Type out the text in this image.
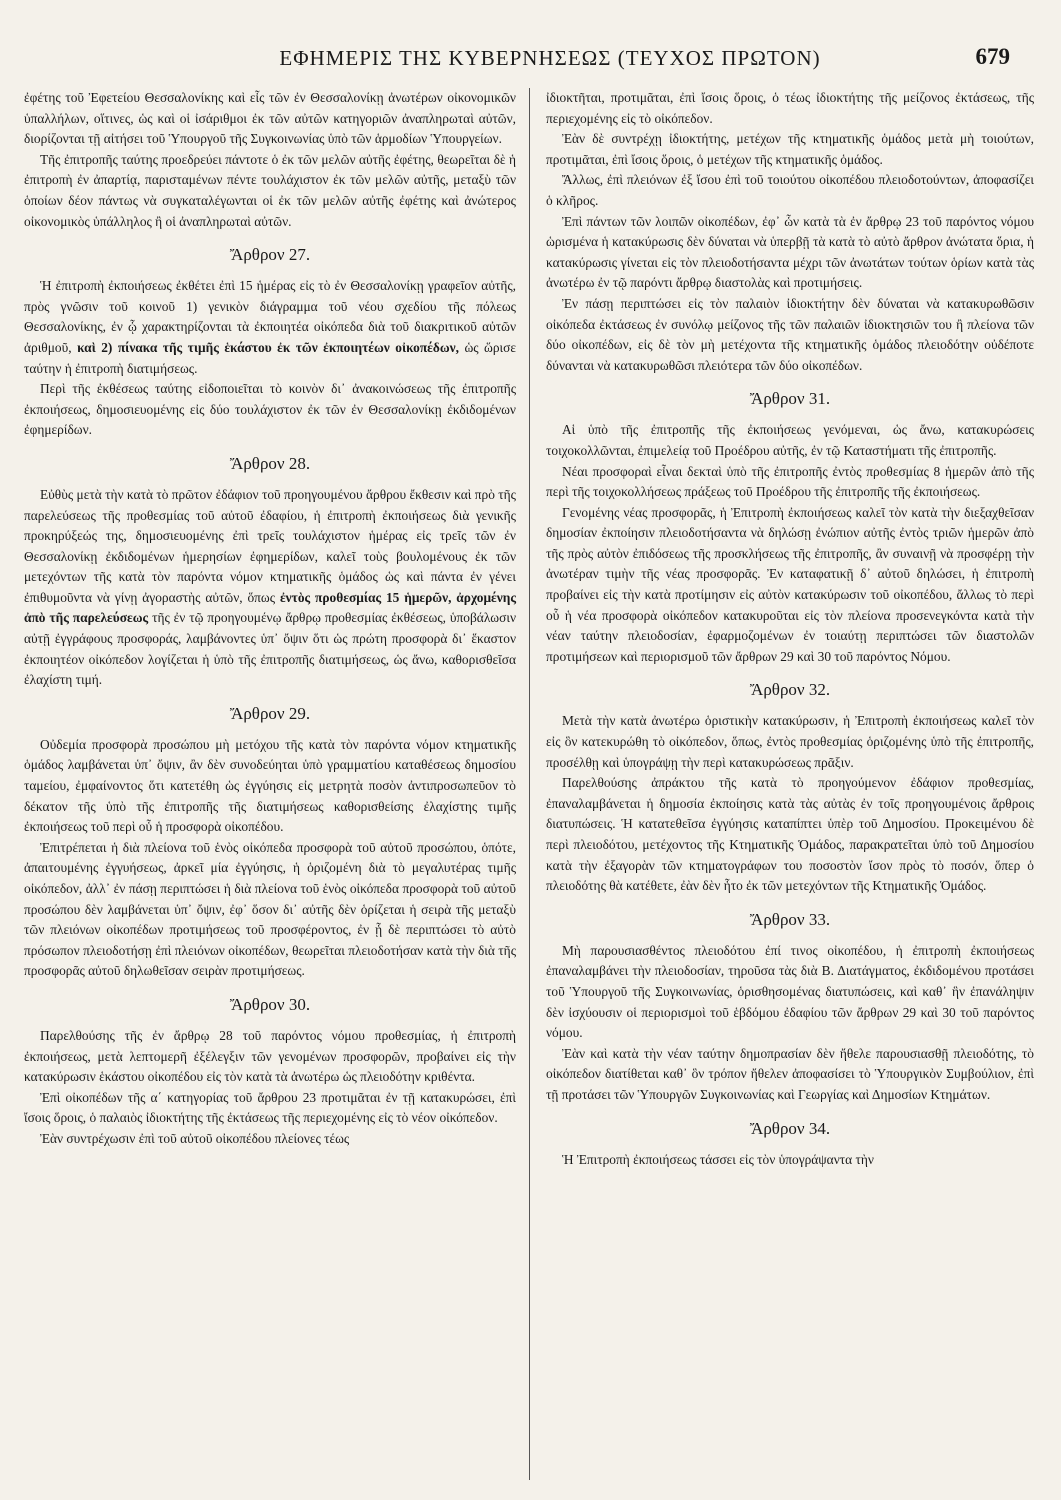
ΕΦΗΜΕΡΙΣ ΤΗΣ ΚΥΒΕΡΝΗΣΕΩΣ (ΤΕΥΧΟΣ ΠΡΩΤΟΝ)	679

ἐφέτης τοῦ Ἐφετείου Θεσσαλονίκης καὶ εἷς τῶν ἐν Θεσσαλονίκῃ ἀνωτέρων οἰκονομικῶν ὑπαλλήλων, οἵτινες, ὡς καὶ οἱ ἰσάριθμοι ἐκ τῶν αὐτῶν κατηγοριῶν ἀναπληρωταὶ αὐτῶν, διορίζονται τῇ αἰτήσει τοῦ Ὑπουργοῦ τῆς Συγκοινωνίας ὑπὸ τῶν ἁρμοδίων Ὑπουργείων.

Τῆς ἐπιτροπῆς ταύτης προεδρεύει πάντοτε ὁ ἐκ τῶν μελῶν αὐτῆς ἐφέτης, θεωρεῖται δὲ ἡ ἐπιτροπὴ ἐν ἀπαρτίᾳ, παρισταμένων πέντε τουλάχιστον ἐκ τῶν μελῶν αὐτῆς, μεταξὺ τῶν ὁποίων δέον πάντως νὰ συγκαταλέγωνται οἱ ἐκ τῶν μελῶν αὐτῆς ἐφέτης καὶ ἀνώτερος οἰκονομικὸς ὑπάλληλος ἢ οἱ ἀναπληρωταὶ αὐτῶν.

Ἄρθρον 27.

Ἡ ἐπιτροπὴ ἐκποιήσεως ἐκθέτει ἐπὶ 15 ἡμέρας εἰς τὸ ἐν Θεσσαλονίκῃ γραφεῖον αὐτῆς, πρὸς γνῶσιν τοῦ κοινοῦ 1) γενικὸν διάγραμμα τοῦ νέου σχεδίου τῆς πόλεως Θεσσαλονίκης, ἐν ᾧ χαρακτηρίζονται τὰ ἐκποιητέα οἰκόπεδα διὰ τοῦ διακριτικοῦ αὐτῶν ἀριθμοῦ, καὶ 2) πίνακα τῆς τιμῆς ἑκάστου ἐκ τῶν ἐκποιητέων οἰκοπέδων, ὡς ὥρισε ταύτην ἡ ἐπιτροπὴ διατιμήσεως.

Περὶ τῆς ἐκθέσεως ταύτης εἰδοποιεῖται τὸ κοινὸν δι᾿ ἀνακοινώσεως τῆς ἐπιτροπῆς ἐκποιήσεως, δημοσιευομένης εἰς δύο τουλάχιστον ἐκ τῶν ἐν Θεσσαλονίκῃ ἐκδιδομένων ἐφημερίδων.

Ἄρθρον 28.

Εὐθὺς μετὰ τὴν κατὰ τὸ πρῶτον ἐδάφιον τοῦ προηγουμένου ἄρθρου ἔκθεσιν καὶ πρὸ τῆς παρελεύσεως τῆς προθεσμίας τοῦ αὐτοῦ ἐδαφίου, ἡ ἐπιτροπὴ ἐκποιήσεως διὰ γενικῆς προκηρύξεώς της, δημοσιευομένης ἐπὶ τρεῖς τουλάχιστον ἡμέρας εἰς τρεῖς τῶν ἐν Θεσσαλονίκῃ ἐκδιδομένων ἡμερησίων ἐφημερίδων, καλεῖ τοὺς βουλομένους ἐκ τῶν μετεχόντων τῆς κατὰ τὸν παρόντα νόμον κτηματικῆς ὁμάδος ὡς καὶ πάντα ἐν γένει ἐπιθυμοῦντα νὰ γίνῃ ἀγοραστὴς αὐτῶν, ὅπως ἐντὸς προθεσμίας 15 ἡμερῶν, ἀρχομένης ἀπὸ τῆς παρελεύσεως τῆς ἐν τῷ προηγουμένῳ ἄρθρῳ προθεσμίας ἐκθέσεως, ὑποβάλωσιν αὐτῇ ἐγγράφους προσφοράς, λαμβάνοντες ὑπ᾿ ὄψιν ὅτι ὡς πρώτη προσφορὰ δι᾿ ἕκαστον ἐκποιητέον οἰκόπεδον λογίζεται ἡ ὑπὸ τῆς ἐπιτροπῆς διατιμήσεως, ὡς ἄνω, καθορισθεῖσα ἐλαχίστη τιμή.

Ἄρθρον 29.

Οὐδεμία προσφορὰ προσώπου μὴ μετόχου τῆς κατὰ τὸν παρόντα νόμον κτηματικῆς ὁμάδος λαμβάνεται ὑπ᾿ ὄψιν, ἂν δὲν συνοδεύηται ὑπὸ γραμματίου καταθέσεως δημοσίου ταμείου, ἐμφαίνοντος ὅτι κατετέθη ὡς ἐγγύησις εἰς μετρητὰ ποσὸν ἀντιπροσωπεῦον τὸ δέκατον τῆς ὑπὸ τῆς ἐπιτροπῆς τῆς διατιμήσεως καθορισθείσης ἐλαχίστης τιμῆς ἐκποιήσεως τοῦ περὶ οὗ ἡ προσφορὰ οἰκοπέδου.

Ἐπιτρέπεται ἡ διὰ πλείονα τοῦ ἑνὸς οἰκόπεδα προσφορὰ τοῦ αὐτοῦ προσώπου, ὁπότε, ἀπαιτουμένης ἐγγυήσεως, ἀρκεῖ μία ἐγγύησις, ἡ ὁριζομένη διὰ τὸ μεγαλυτέρας τιμῆς οἰκόπεδον, ἀλλ᾿ ἐν πάσῃ περιπτώσει ἡ διὰ πλείονα τοῦ ἑνὸς οἰκόπεδα προσφορὰ τοῦ αὐτοῦ προσώπου δὲν λαμβάνεται ὑπ᾿ ὄψιν, ἐφ᾿ ὅσον δι᾿ αὐτῆς δὲν ὁρίζεται ἡ σειρὰ τῆς μεταξὺ τῶν πλειόνων οἰκοπέδων προτιμήσεως τοῦ προσφέροντος, ἐν ᾗ δὲ περιπτώσει τὸ αὐτὸ πρόσωπον πλειοδοτήσῃ ἐπὶ πλειόνων οἰκοπέδων, θεωρεῖται πλειοδοτήσαν κατὰ τὴν διὰ τῆς προσφορᾶς αὐτοῦ δηλωθεῖσαν σειρὰν προτιμήσεως.

Ἄρθρον 30.

Παρελθούσης τῆς ἐν ἄρθρῳ 28 τοῦ παρόντος νόμου προθεσμίας, ἡ ἐπιτροπὴ ἐκποιήσεως, μετὰ λεπτομερῆ ἐξέλεγξιν τῶν γενομένων προσφορῶν, προβαίνει εἰς τὴν κατακύρωσιν ἑκάστου οἰκοπέδου εἰς τὸν κατὰ τὰ ἀνωτέρω ὡς πλειοδότην κριθέντα.

Ἐπὶ οἰκοπέδων τῆς α΄ κατηγορίας τοῦ ἄρθρου 23 προτιμᾶται ἐν τῇ κατακυρώσει, ἐπὶ ἴσοις ὅροις, ὁ παλαιὸς ἰδιοκτήτης τῆς ἐκτάσεως τῆς περιεχομένης εἰς τὸ νέον οἰκόπεδον.

Ἐὰν συντρέχωσιν ἐπὶ τοῦ αὐτοῦ οἰκοπέδου πλείονες τέως

ἰδιοκτῆται, προτιμᾶται, ἐπὶ ἴσοις ὅροις, ὁ τέως ἰδιοκτήτης τῆς μείζονος ἐκτάσεως, τῆς περιεχομένης εἰς τὸ οἰκόπεδον.

Ἐὰν δὲ συντρέχῃ ἰδιοκτήτης, μετέχων τῆς κτηματικῆς ὁμάδος μετὰ μὴ τοιούτων, προτιμᾶται, ἐπὶ ἴσοις ὅροις, ὁ μετέχων τῆς κτηματικῆς ὁμάδος.

Ἄλλως, ἐπὶ πλειόνων ἐξ ἴσου ἐπὶ τοῦ τοιούτου οἰκοπέδου πλειοδοτούντων, ἀποφασίζει ὁ κλῆρος.

Ἐπὶ πάντων τῶν λοιπῶν οἰκοπέδων, ἐφ᾿ ὧν κατὰ τὰ ἐν ἄρθρῳ 23 τοῦ παρόντος νόμου ὡρισμένα ἡ κατακύρωσις δὲν δύναται νὰ ὑπερβῇ τὰ κατὰ τὸ αὐτὸ ἄρθρον ἀνώτατα ὅρια, ἡ κατακύρωσις γίνεται εἰς τὸν πλειοδοτήσαντα μέχρι τῶν ἀνωτάτων τούτων ὁρίων κατὰ τὰς ἀνωτέρω ἐν τῷ παρόντι ἄρθρῳ διαστολὰς καὶ προτιμήσεις.

Ἐν πάσῃ περιπτώσει εἰς τὸν παλαιὸν ἰδιοκτήτην δὲν δύναται νὰ κατακυρωθῶσιν οἰκόπεδα ἐκτάσεως ἐν συνόλῳ μείζονος τῆς τῶν παλαιῶν ἰδιοκτησιῶν του ἢ πλείονα τῶν δύο οἰκοπέδων, εἰς δὲ τὸν μὴ μετέχοντα τῆς κτηματικῆς ὁμάδος πλειοδότην οὐδέποτε δύνανται νὰ κατακυρωθῶσι πλειότερα τῶν δύο οἰκοπέδων.

Ἄρθρον 31.

Αἱ ὑπὸ τῆς ἐπιτροπῆς τῆς ἐκποιήσεως γενόμεναι, ὡς ἄνω, κατακυρώσεις τοιχοκολλῶνται, ἐπιμελείᾳ τοῦ Προέδρου αὐτῆς, ἐν τῷ Καταστήματι τῆς ἐπιτροπῆς.

Νέαι προσφοραὶ εἶναι δεκταὶ ὑπὸ τῆς ἐπιτροπῆς ἐντὸς προθεσμίας 8 ἡμερῶν ἀπὸ τῆς περὶ τῆς τοιχοκολλήσεως πράξεως τοῦ Προέδρου τῆς ἐπιτροπῆς τῆς ἐκποιήσεως.

Γενομένης νέας προσφορᾶς, ἡ Ἐπιτροπὴ ἐκποιήσεως καλεῖ τὸν κατὰ τὴν διεξαχθεῖσαν δημοσίαν ἐκποίησιν πλειοδοτήσαντα νὰ δηλώσῃ ἐνώπιον αὐτῆς ἐντὸς τριῶν ἡμερῶν ἀπὸ τῆς πρὸς αὐτὸν ἐπιδόσεως τῆς προσκλήσεως τῆς ἐπιτροπῆς, ἂν συναινῇ νὰ προσφέρῃ τὴν ἀνωτέραν τιμὴν τῆς νέας προσφορᾶς. Ἐν καταφατικῇ δ᾿ αὐτοῦ δηλώσει, ἡ ἐπιτροπὴ προβαίνει εἰς τὴν κατὰ προτίμησιν εἰς αὐτὸν κατακύρωσιν τοῦ οἰκοπέδου, ἄλλως τὸ περὶ οὗ ἡ νέα προσφορὰ οἰκόπεδον κατακυροῦται εἰς τὸν πλείονα προσενεγκόντα κατὰ τὴν νέαν ταύτην πλειοδοσίαν, ἐφαρμοζομένων ἐν τοιαύτῃ περιπτώσει τῶν διαστολῶν προτιμήσεων καὶ περιορισμοῦ τῶν ἄρθρων 29 καὶ 30 τοῦ παρόντος Νόμου.

Ἄρθρον 32.

Μετὰ τὴν κατὰ ἀνωτέρω ὁριστικὴν κατακύρωσιν, ἡ Ἐπιτροπὴ ἐκποιήσεως καλεῖ τὸν εἰς ὃν κατεκυρώθη τὸ οἰκόπεδον, ὅπως, ἐντὸς προθεσμίας ὁριζομένης ὑπὸ τῆς ἐπιτροπῆς, προσέλθῃ καὶ ὑπογράψῃ τὴν περὶ κατακυρώσεως πρᾶξιν.

Παρελθούσης ἀπράκτου τῆς κατὰ τὸ προηγούμενον ἐδάφιον προθεσμίας, ἐπαναλαμβάνεται ἡ δημοσία ἐκποίησις κατὰ τὰς αὐτὰς ἐν τοῖς προηγουμένοις ἄρθροις διατυπώσεις. Ἡ κατατεθεῖσα ἐγγύησις καταπίπτει ὑπὲρ τοῦ Δημοσίου. Προκειμένου δὲ περὶ πλειοδότου, μετέχοντος τῆς Κτηματικῆς Ὁμάδος, παρακρατεῖται ὑπὸ τοῦ Δημοσίου κατὰ τὴν ἐξαγορὰν τῶν κτηματογράφων του ποσοστὸν ἴσον πρὸς τὸ ποσόν, ὅπερ ὁ πλειοδότης θὰ κατέθετε, ἐὰν δὲν ἦτο ἐκ τῶν μετεχόντων τῆς Κτηματικῆς Ὁμάδος.

Ἄρθρον 33.

Μὴ παρουσιασθέντος πλειοδότου ἐπί τινος οἰκοπέδου, ἡ ἐπιτροπὴ ἐκποιήσεως ἐπαναλαμβάνει τὴν πλειοδοσίαν, τηροῦσα τὰς διὰ Β. Διατάγματος, ἐκδιδομένου προτάσει τοῦ Ὑπουργοῦ τῆς Συγκοινωνίας, ὁρισθησομένας διατυπώσεις, καὶ καθ᾿ ἣν ἐπανάληψιν δὲν ἰσχύουσιν οἱ περιορισμοὶ τοῦ ἑβδόμου ἐδαφίου τῶν ἄρθρων 29 καὶ 30 τοῦ παρόντος νόμου.

Ἐὰν καὶ κατὰ τὴν νέαν ταύτην δημοπρασίαν δὲν ἤθελε παρουσιασθῇ πλειοδότης, τὸ οἰκόπεδον διατίθεται καθ᾿ ὃν τρόπον ἤθελεν ἀποφασίσει τὸ Ὑπουργικὸν Συμβούλιον, ἐπὶ τῇ προτάσει τῶν Ὑπουργῶν Συγκοινωνίας καὶ Γεωργίας καὶ Δημοσίων Κτημάτων.

Ἄρθρον 34.

Ἡ Ἐπιτροπὴ ἐκποιήσεως τάσσει εἰς τὸν ὑπογράψαντα τὴν
